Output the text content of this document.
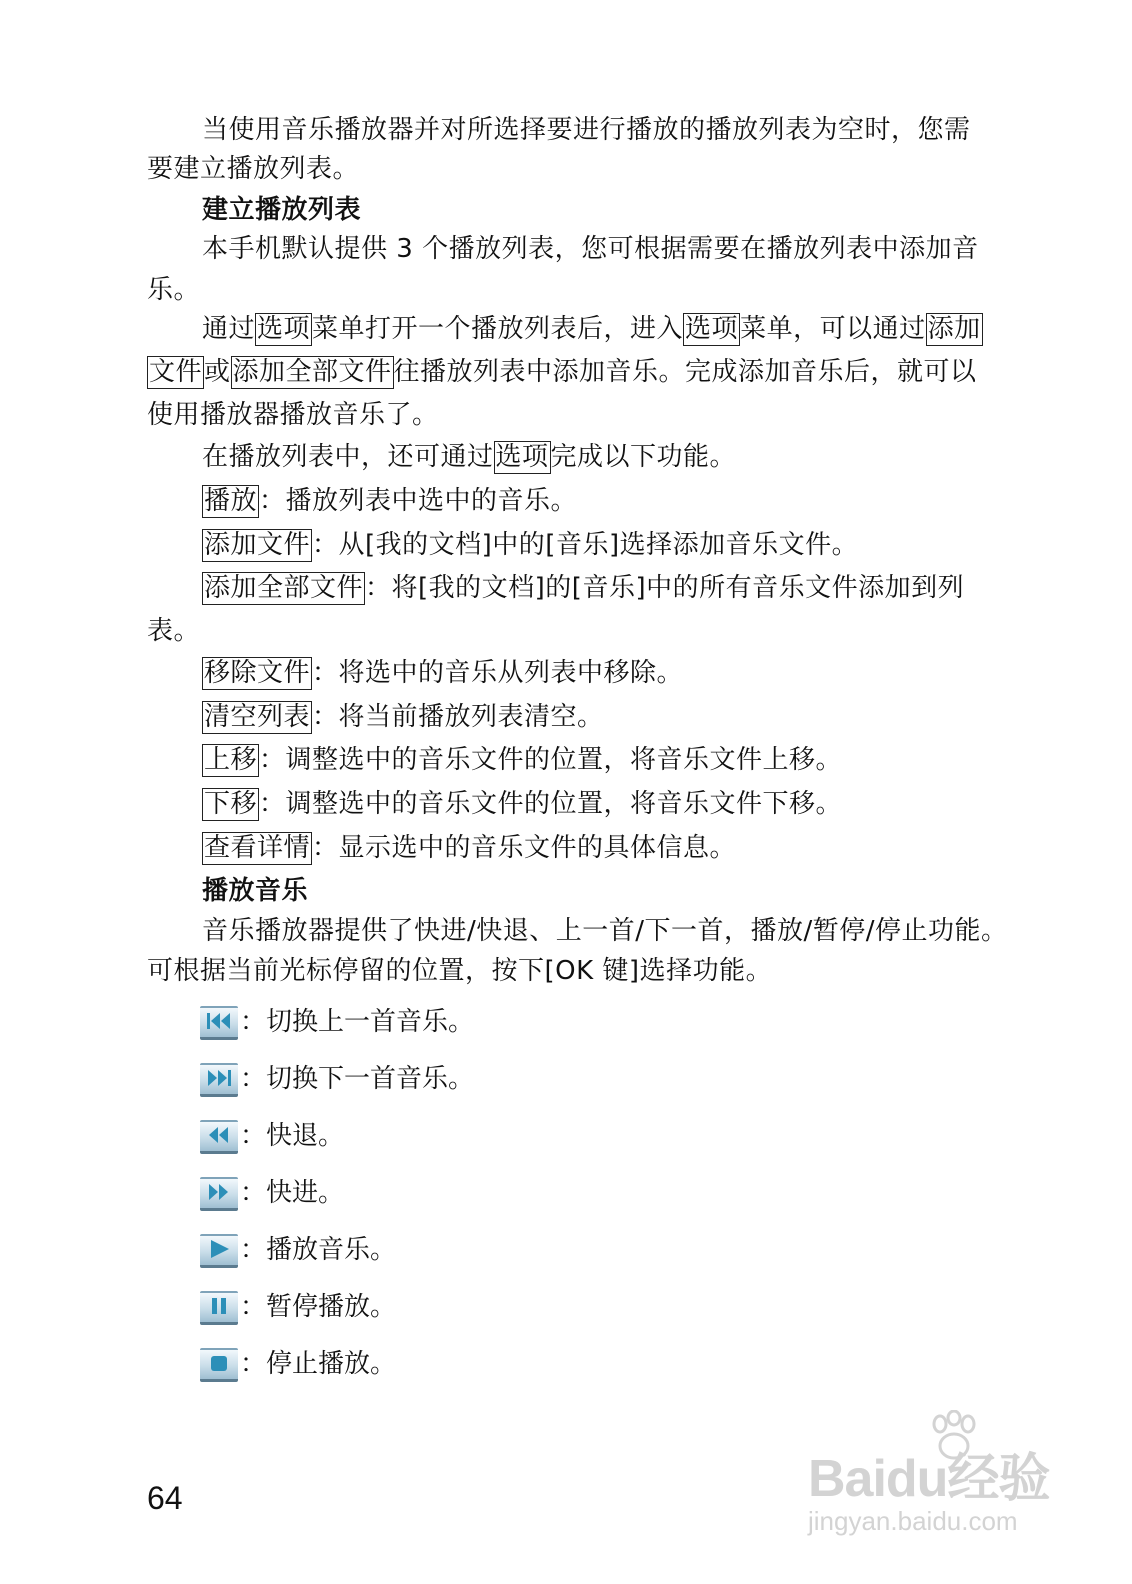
当使用音乐播放器并对所选择要进行播放的播放列表为空时，您需
要建立播放列表。
建立播放列表
本手机默认提供 3 个播放列表，您可根据需要在播放列表中添加音
乐。
通过选项菜单打开一个播放列表后，进入选项菜单，可以通过添加
文件或添加全部文件往播放列表中添加音乐。完成添加音乐后，就可以
使用播放器播放音乐了。
在播放列表中，还可通过选项完成以下功能。
播放：播放列表中选中的音乐。
添加文件：从[我的文档]中的[音乐]选择添加音乐文件。
添加全部文件：将[我的文档]的[音乐]中的所有音乐文件添加到列
表。
移除文件：将选中的音乐从列表中移除。
清空列表：将当前播放列表清空。
上移：调整选中的音乐文件的位置，将音乐文件上移。
下移：调整选中的音乐文件的位置，将音乐文件下移。
查看详情：显示选中的音乐文件的具体信息。
播放音乐
音乐播放器提供了快进/快退、上一首/下一首，播放/暂停/停止功能。
可根据当前光标停留的位置，按下[OK 键]选择功能。
：切换上一首音乐。
：切换下一首音乐。
：快退。
：快进。
：播放音乐。
：暂停播放。
：停止播放。
64	Baidu经验
jingyan.baidu.com
